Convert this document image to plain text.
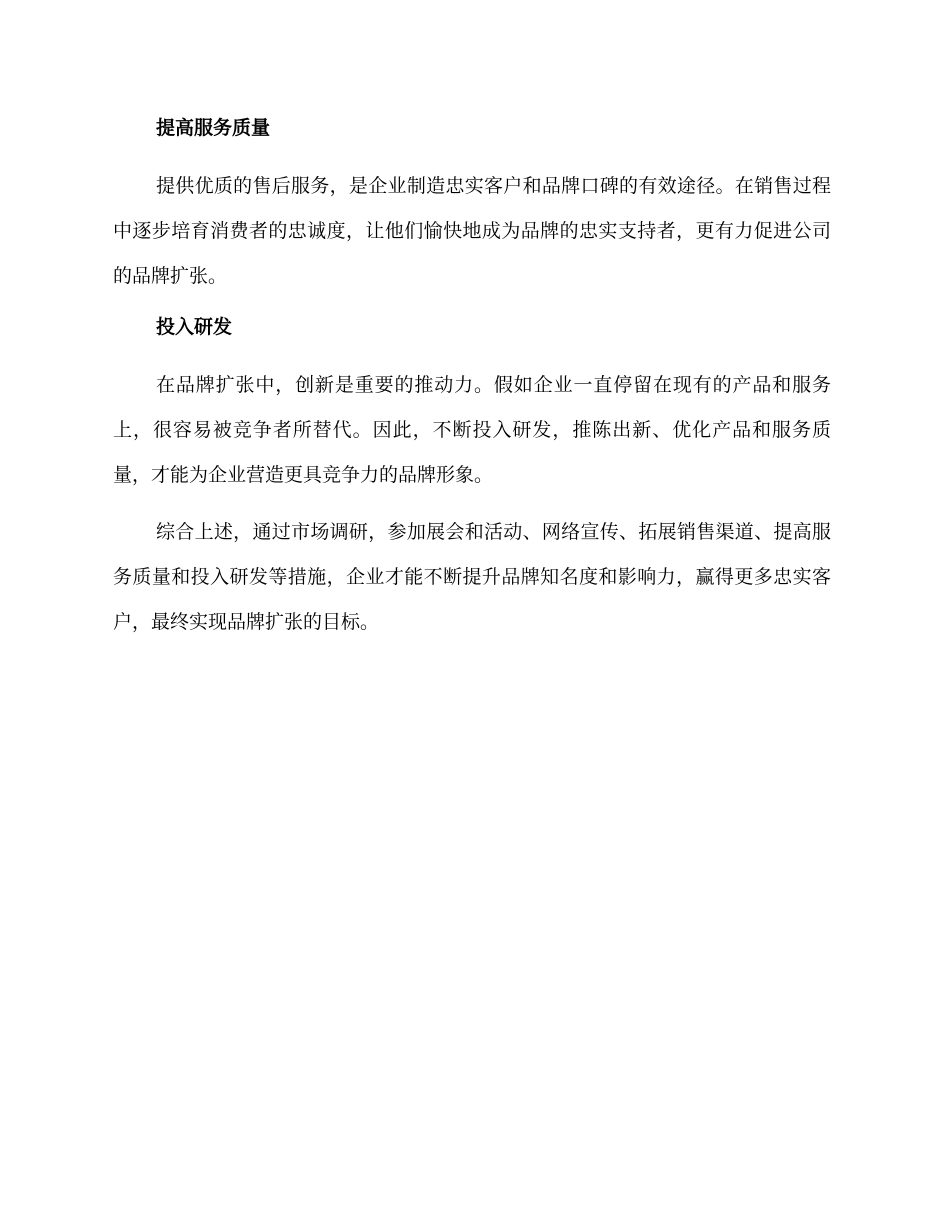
提高服务质量

提供优质的售后服务，是企业制造忠实客户和品牌口碑的有效途径。在销售过程中逐步培育消费者的忠诚度，让他们愉快地成为品牌的忠实支持者，更有力促进公司的品牌扩张。

投入研发

在品牌扩张中，创新是重要的推动力。假如企业一直停留在现有的产品和服务上，很容易被竞争者所替代。因此，不断投入研发，推陈出新、优化产品和服务质量，才能为企业营造更具竞争力的品牌形象。

综合上述，通过市场调研，参加展会和活动、网络宣传、拓展销售渠道、提高服务质量和投入研发等措施，企业才能不断提升品牌知名度和影响力，赢得更多忠实客户，最终实现品牌扩张的目标。
